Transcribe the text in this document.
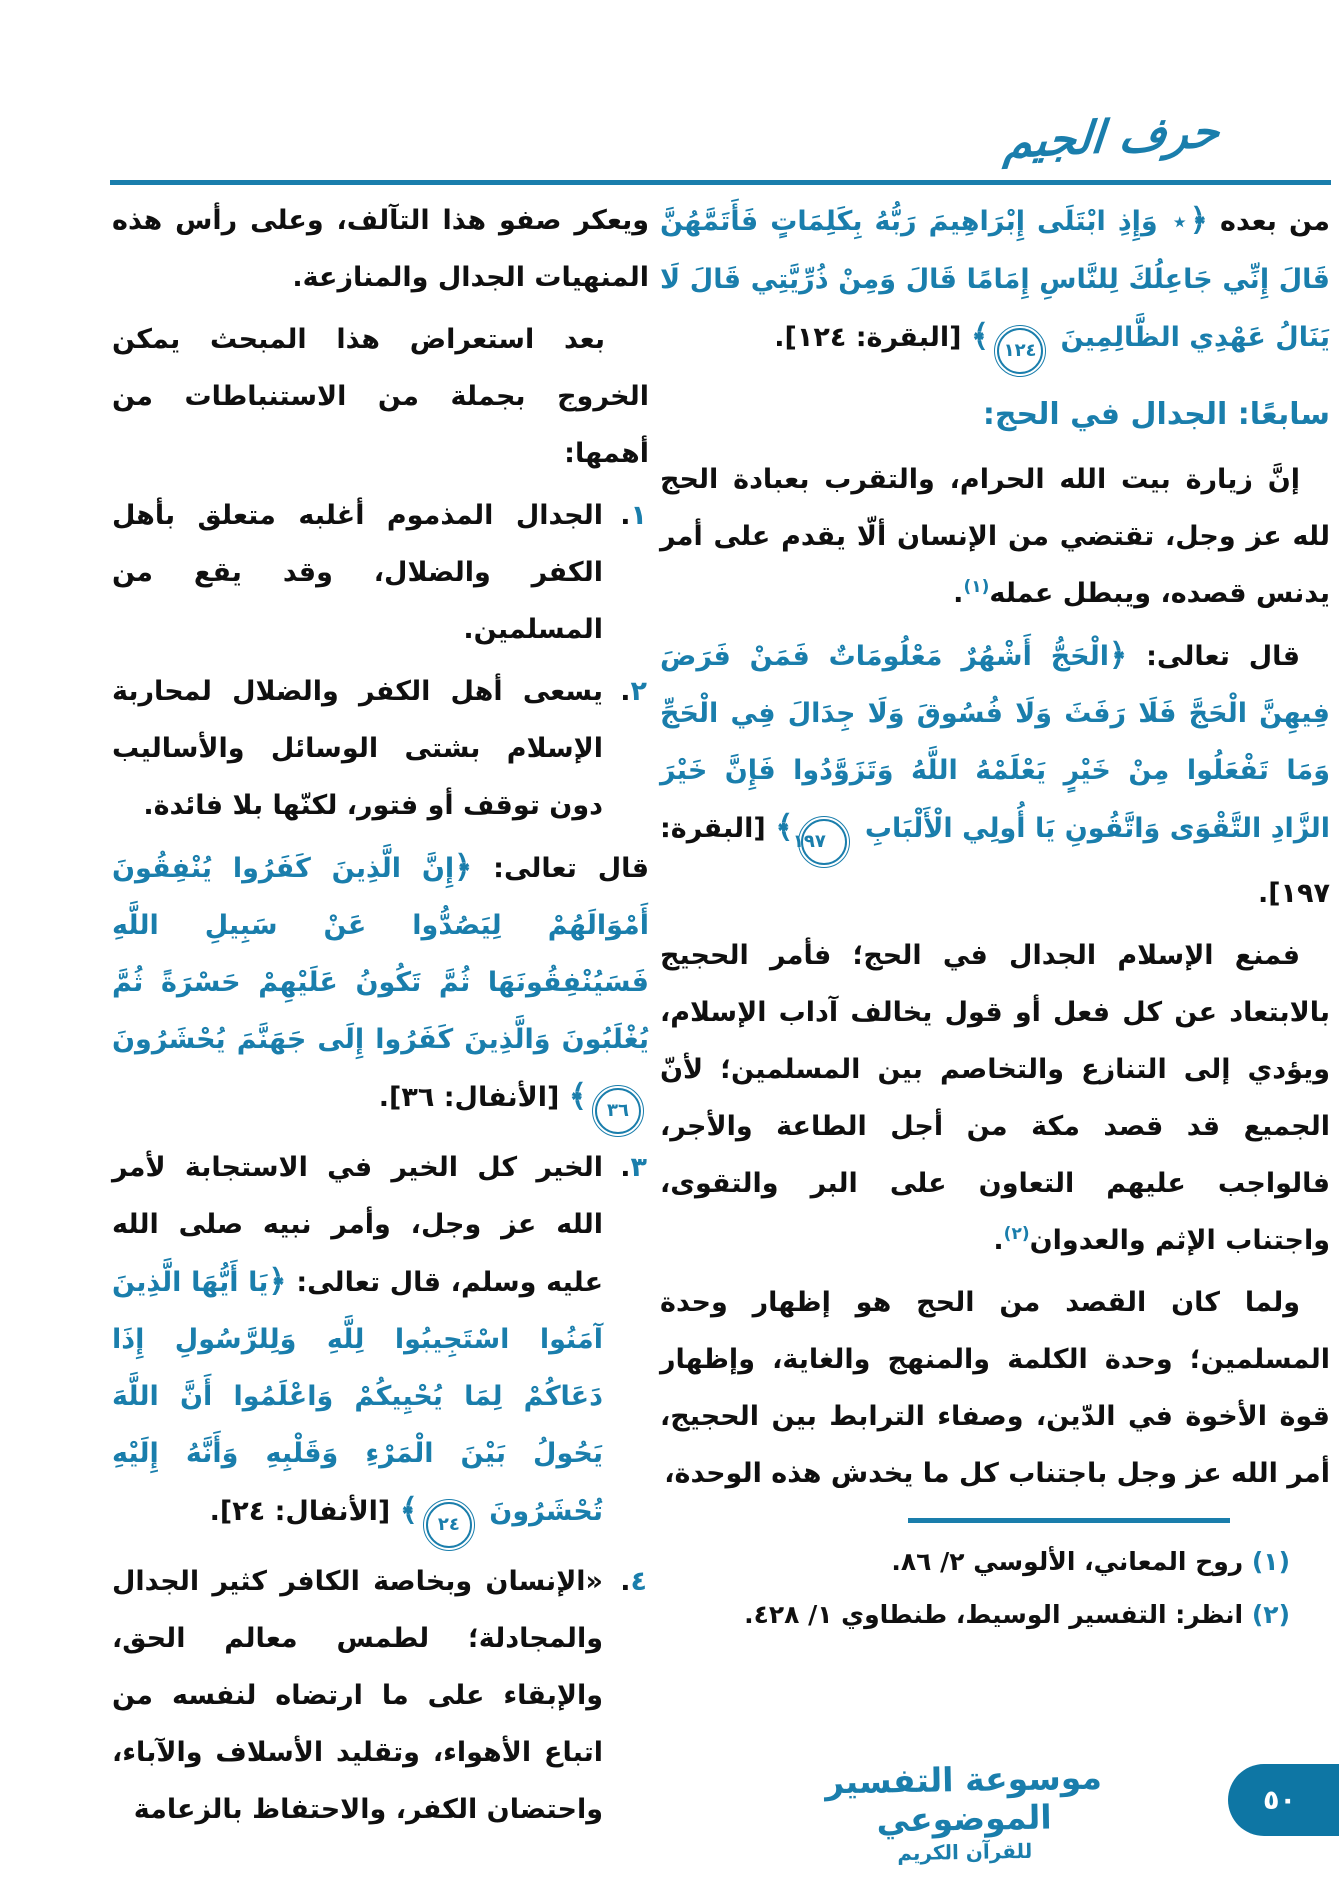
حرف الجيم

من بعده ﴿٭ وَإِذِ ابْتَلَى إِبْرَاهِيمَ رَبُّهُ بِكَلِمَاتٍ فَأَتَمَّهُنَّ قَالَ إِنِّي جَاعِلُكَ لِلنَّاسِ إِمَامًا قَالَ وَمِنْ ذُرِّيَّتِي قَالَ لَا يَنَالُ عَهْدِي الظَّالِمِينَ
١٢٤
﴾ [البقرة: ١٢٤].

سابعًا: الجدال في الحج:

إنَّ زيارة بيت الله الحرام، والتقرب بعبادة الحج لله عز وجل، تقتضي من الإنسان ألّا يقدم على أمر يدنس قصده، ويبطل عمله$^{(١)}$.

قال تعالى: ﴿الْحَجُّ أَشْهُرٌ مَعْلُومَاتٌ فَمَنْ فَرَضَ فِيهِنَّ الْحَجَّ فَلَا رَفَثَ وَلَا فُسُوقَ وَلَا جِدَالَ فِي الْحَجِّ وَمَا تَفْعَلُوا مِنْ خَيْرٍ يَعْلَمْهُ اللَّهُ وَتَزَوَّدُوا فَإِنَّ خَيْرَ الزَّادِ التَّقْوَى وَاتَّقُونِ يَا أُولِي الْأَلْبَابِ
١٩٧
﴾ [البقرة: ١٩٧].

فمنع الإسلام الجدال في الحج؛ فأمر الحجيج بالابتعاد عن كل فعل أو قول يخالف آداب الإسلام، ويؤدي إلى التنازع والتخاصم بين المسلمين؛ لأنّ الجميع قد قصد مكة من أجل الطاعة والأجر، فالواجب عليهم التعاون على البر والتقوى، واجتناب الإثم والعدوان$^{(٢)}$.

ولما كان القصد من الحج هو إظهار وحدة المسلمين؛ وحدة الكلمة والمنهج والغاية، وإظهار قوة الأخوة في الدّين، وصفاء الترابط بين الحجيج، أمر الله عز وجل باجتناب كل ما يخدش هذه الوحدة،

(١) روح المعاني، الألوسي ٢/ ٨٦.

(٢) انظر: التفسير الوسيط، طنطاوي ١/ ٤٢٨.

ويعكر صفو هذا التآلف، وعلى رأس هذه المنهيات الجدال والمنازعة.

بعد استعراض هذا المبحث يمكن الخروج بجملة من الاستنباطات من أهمها:

١.
الجدال المذموم أغلبه متعلق بأهل الكفر والضلال، وقد يقع من المسلمين.
٢.
يسعى أهل الكفر والضلال لمحاربة الإسلام بشتى الوسائل والأساليب دون توقف أو فتور، لكنّها بلا فائدة.

قال تعالى: ﴿إِنَّ الَّذِينَ كَفَرُوا يُنْفِقُونَ أَمْوَالَهُمْ لِيَصُدُّوا عَنْ سَبِيلِ اللَّهِ فَسَيُنْفِقُونَهَا ثُمَّ تَكُونُ عَلَيْهِمْ حَسْرَةً ثُمَّ يُغْلَبُونَ وَالَّذِينَ كَفَرُوا إِلَى جَهَنَّمَ يُحْشَرُونَ
٣٦
﴾ [الأنفال: ٣٦].

٣.
الخير كل الخير في الاستجابة لأمر الله عز وجل، وأمر نبيه صلى الله عليه وسلم، قال تعالى: ﴿يَا أَيُّهَا الَّذِينَ آمَنُوا اسْتَجِيبُوا لِلَّهِ وَلِلرَّسُولِ إِذَا دَعَاكُمْ لِمَا يُحْيِيكُمْ وَاعْلَمُوا أَنَّ اللَّهَ يَحُولُ بَيْنَ الْمَرْءِ وَقَلْبِهِ وَأَنَّهُ إِلَيْهِ تُحْشَرُونَ
٢٤
﴾ [الأنفال: ٢٤].
٤.
«الإنسان وبخاصة الكافر كثير الجدال والمجادلة؛ لطمس معالم الحق، والإبقاء على ما ارتضاه لنفسه من اتباع الأهواء، وتقليد الأسلاف والآباء، واحتضان الكفر، والاحتفاظ بالزعامة
موسوعة التفسير الموضوعي
للقرآن الكريم
٥٠
